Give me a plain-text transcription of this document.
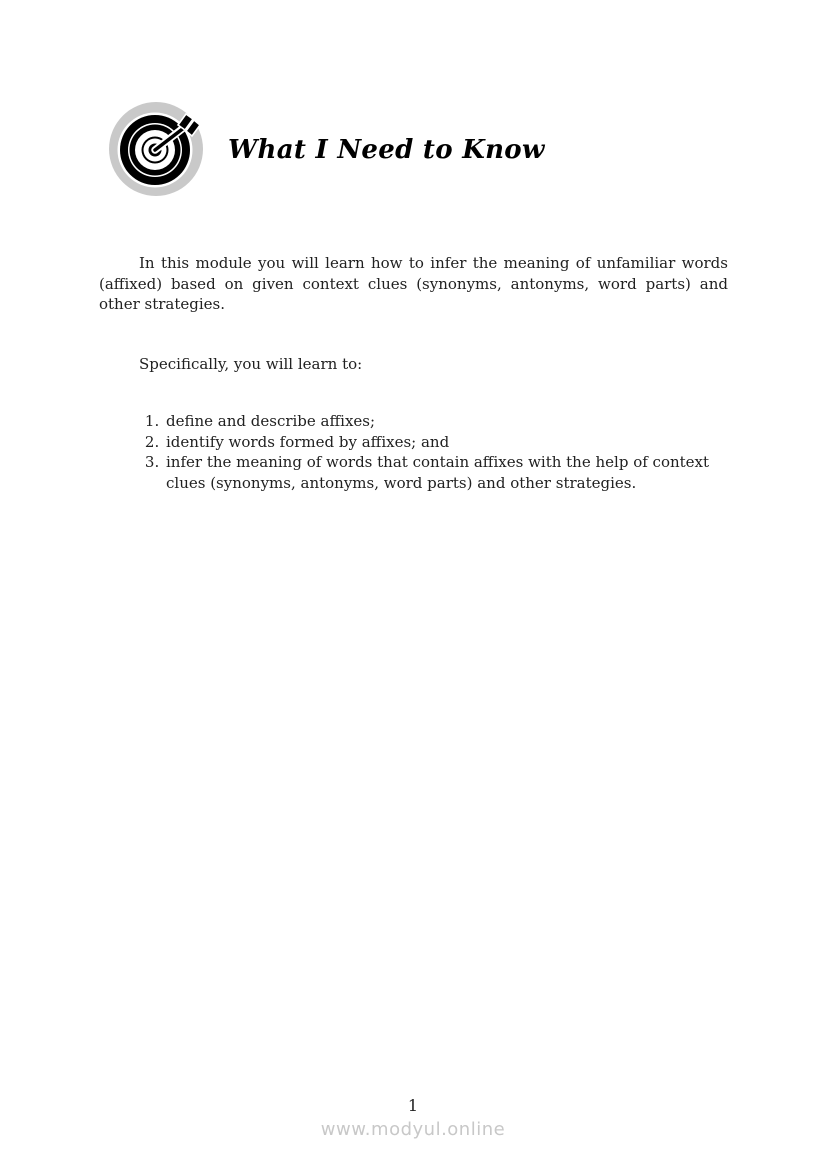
What I Need to Know

In this module you will learn how to infer the meaning of unfamiliar words (affixed) based on given context clues (synonyms, antonyms, word parts) and other strategies.

Specifically, you will learn to:

1. define and describe affixes;
2. identify words formed by affixes; and
3. infer the meaning of words that contain affixes with the help of context clues (synonyms, antonyms, word parts) and other strategies.
1
www.modyul.online
